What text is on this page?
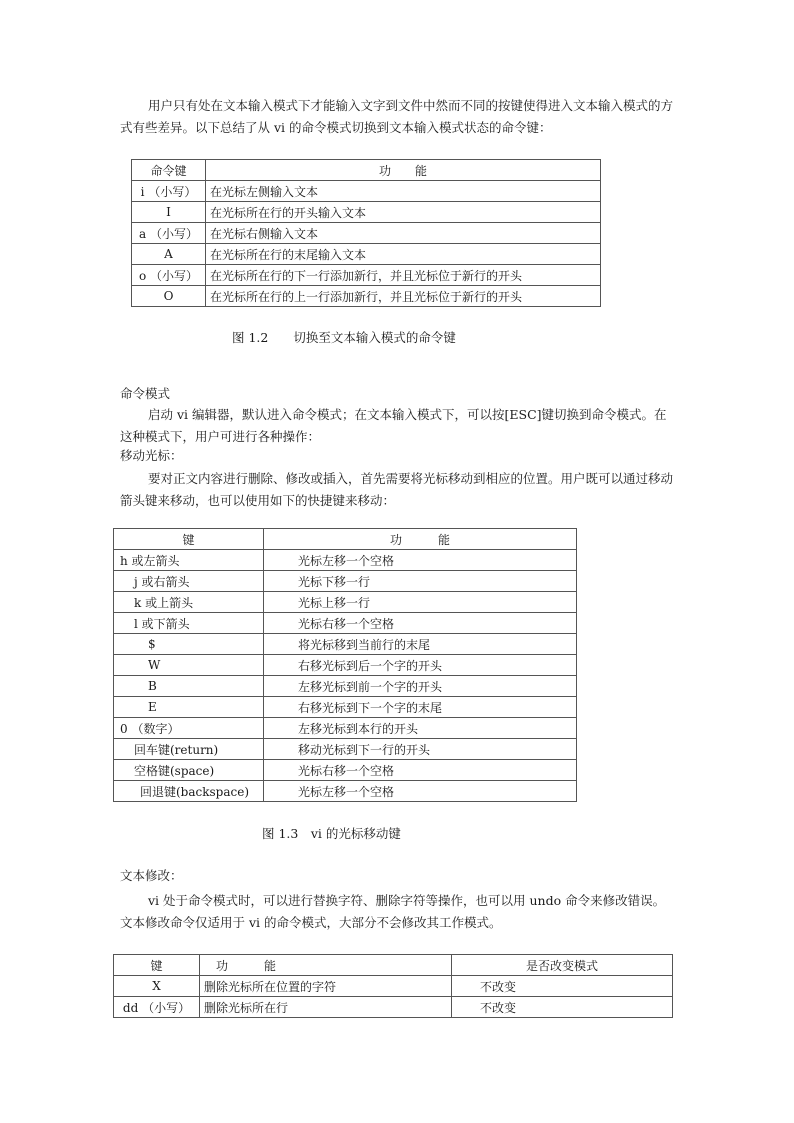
用户只有处在文本输入模式下才能输入文字到文件中然而不同的按键使得进入文本输入模式的方式有些差异。以下总结了从 vi 的命令模式切换到文本输入模式状态的命令键：

命令键	功　　能
i （小写）	在光标左侧输入文本
I	在光标所在行的开头输入文本
a （小写）	在光标右侧输入文本
A	在光标所在行的末尾输入文本
o （小写）	在光标所在行的下一行添加新行，并且光标位于新行的开头
O	在光标所在行的上一行添加新行，并且光标位于新行的开头

图 1.2　　切换至文本输入模式的命令键

命令模式

启动 vi 编辑器，默认进入命令模式；在文本输入模式下，可以按[ESC]键切换到命令模式。在这种模式下，用户可进行各种操作：

移动光标：

要对正文内容进行删除、修改或插入，首先需要将光标移动到相应的位置。用户既可以通过移动箭头键来移动，也可以使用如下的快捷键来移动：

键	功　　　能
h 或左箭头	光标左移一个空格
j 或右箭头	光标下移一行
k 或上箭头	光标上移一行
l 或下箭头	光标右移一个空格
$	将光标移到当前行的末尾
W	右移光标到后一个字的开头
B	左移光标到前一个字的开头
E	右移光标到下一个字的末尾
0 （数字）	左移光标到本行的开头
回车键(return)	移动光标到下一行的开头
空格键(space)	光标右移一个空格
回退键(backspace)	光标左移一个空格

图 1.3　vi 的光标移动键

文本修改：

vi 处于命令模式时，可以进行替换字符、删除字符等操作，也可以用 undo 命令来修改错误。文本修改命令仅适用于 vi 的命令模式，大部分不会修改其工作模式。

键	功　　　能	是否改变模式
X	删除光标所在位置的字符	不改变
dd （小写）	删除光标所在行	不改变
